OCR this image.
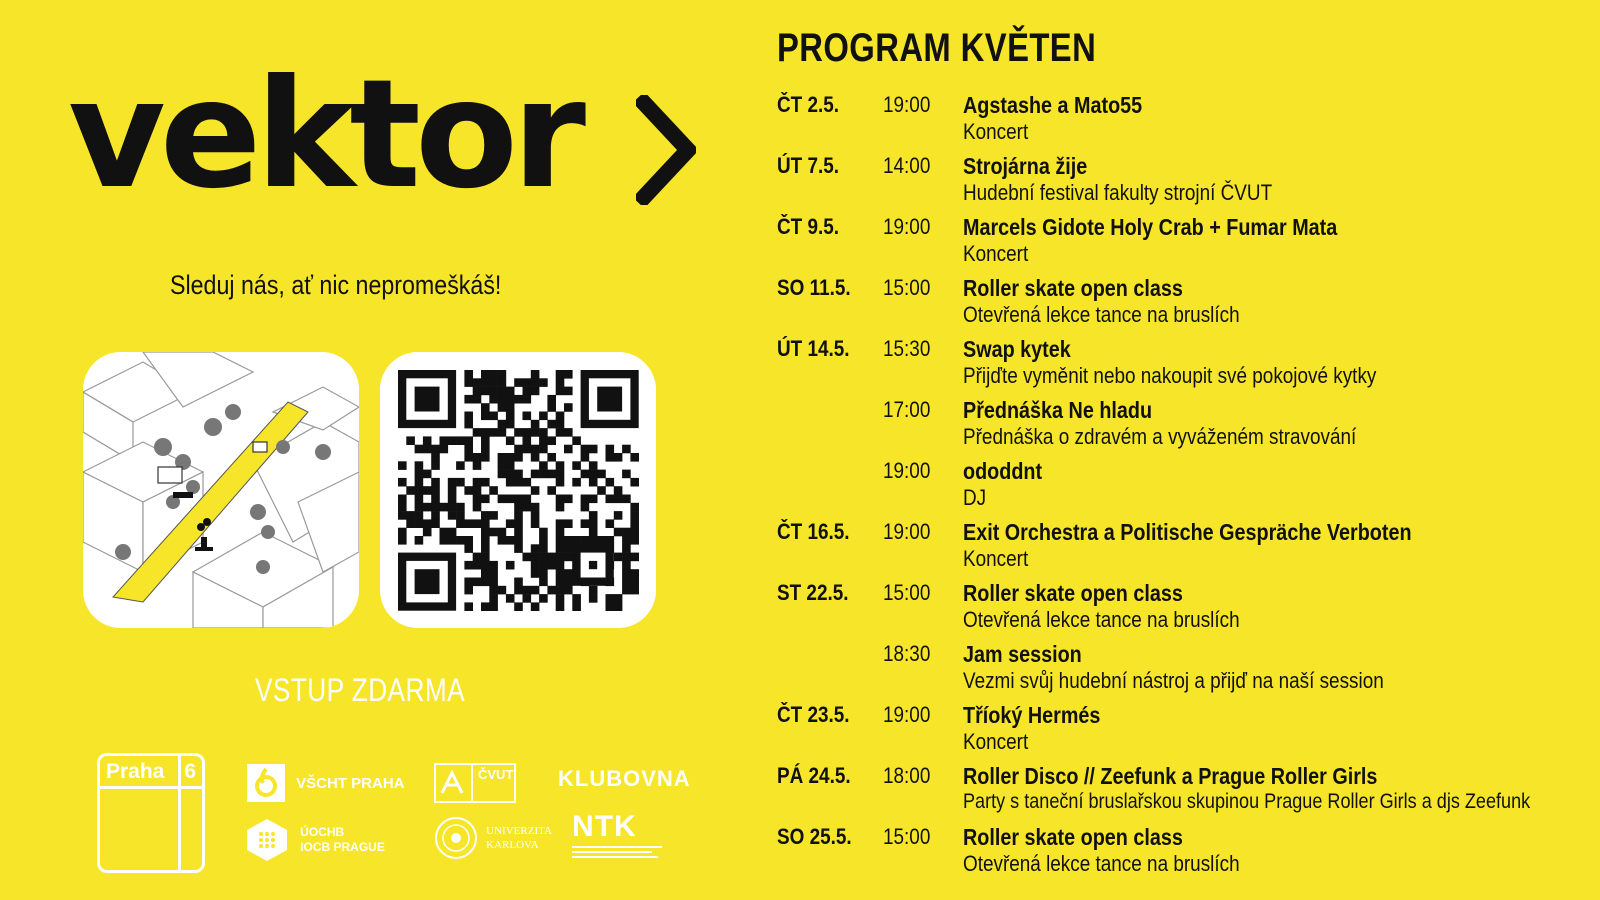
vektor
Sleduj nás, ať nic nepromeškáš!
VSTUP ZDARMA
Praha 6	VŠCHT PRAHA	ČVUT KLUBOVNA

ÚOCHB
IOCB PRAGUE

UNIVERZITA
KARLOVA
NTK
PROGRAM KVĚTEN
ČT 2.5. 19:00 Agstashe a Mato55
Koncert
ÚT 7.5. 14:00 Strojárna žije
Hudební festival fakulty strojní ČVUT
ČT 9.5. 19:00 Marcels Gidote Holy Crab + Fumar Mata
Koncert
SO 11.5. 15:00 Roller skate open class
Otevřená lekce tance na bruslích
ÚT 14.5. 15:30 Swap kytek
Přijďte vyměnit nebo nakoupit své pokojové kytky
17:00 Přednáška Ne hladu
Přednáška o zdravém a vyváženém stravování
19:00 ododdnt
DJ
ČT 16.5. 19:00 Exit Orchestra a Politische Gespräche Verboten
Koncert
ST 22.5. 15:00 Roller skate open class
Otevřená lekce tance na bruslích
18:30 Jam session
Vezmi svůj hudební nástroj a přijď na naší session
ČT 23.5. 19:00 Tříoký Hermés
Koncert
PÁ 24.5. 18:00 Roller Disco // Zeefunk a Prague Roller Girls
Party s taneční bruslařskou skupinou Prague Roller Girls a djs Zeefunk
SO 25.5. 15:00 Roller skate open class
Otevřená lekce tance na bruslích
